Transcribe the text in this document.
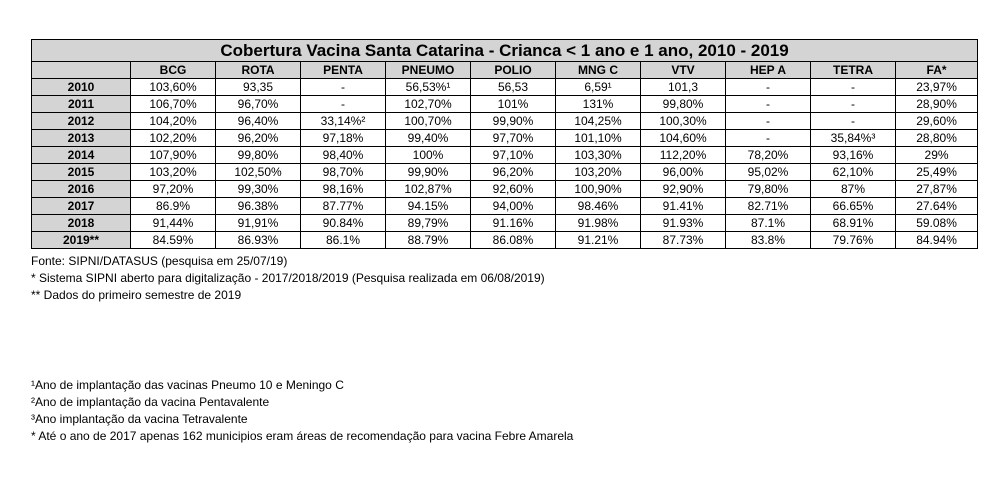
Cobertura Vacina Santa Catarina - Crianca < 1 ano e 1 ano, 2010 - 2019										
	BCG	ROTA	PENTA	PNEUMO	POLIO	MNG C	VTV	HEP A	TETRA	FA*
2010	103,60%	93,35	-	56,53%¹	56,53	6,59¹	101,3	-	-	23,97%
2011	106,70%	96,70%	-	102,70%	101%	131%	99,80%	-	-	28,90%
2012	104,20%	96,40%	33,14%²	100,70%	99,90%	104,25%	100,30%	-	-	29,60%
2013	102,20%	96,20%	97,18%	99,40%	97,70%	101,10%	104,60%	-	35,84%³	28,80%
2014	107,90%	99,80%	98,40%	100%	97,10%	103,30%	112,20%	78,20%	93,16%	29%
2015	103,20%	102,50%	98,70%	99,90%	96,20%	103,20%	96,00%	95,02%	62,10%	25,49%
2016	97,20%	99,30%	98,16%	102,87%	92,60%	100,90%	92,90%	79,80%	87%	27,87%
2017	86.9%	96.38%	87.77%	94.15%	94,00%	98.46%	91.41%	82.71%	66.65%	27.64%
2018	91,44%	91,91%	90.84%	89,79%	91.16%	91.98%	91.93%	87.1%	68.91%	59.08%
2019**	84.59%	86.93%	86.1%	88.79%	86.08%	91.21%	87.73%	83.8%	79.76%	84.94%
Fonte: SIPNI/DATASUS (pesquisa em 25/07/19)
* Sistema SIPNI aberto para digitalização - 2017/2018/2019 (Pesquisa realizada em 06/08/2019)
** Dados do primeiro semestre de 2019
¹Ano de implantação das vacinas Pneumo 10 e Meningo C
²Ano de implantação da vacina Pentavalente
³Ano implantação da vacina Tetravalente
* Até o ano de 2017 apenas 162 municipios eram áreas de recomendação para vacina Febre Amarela
